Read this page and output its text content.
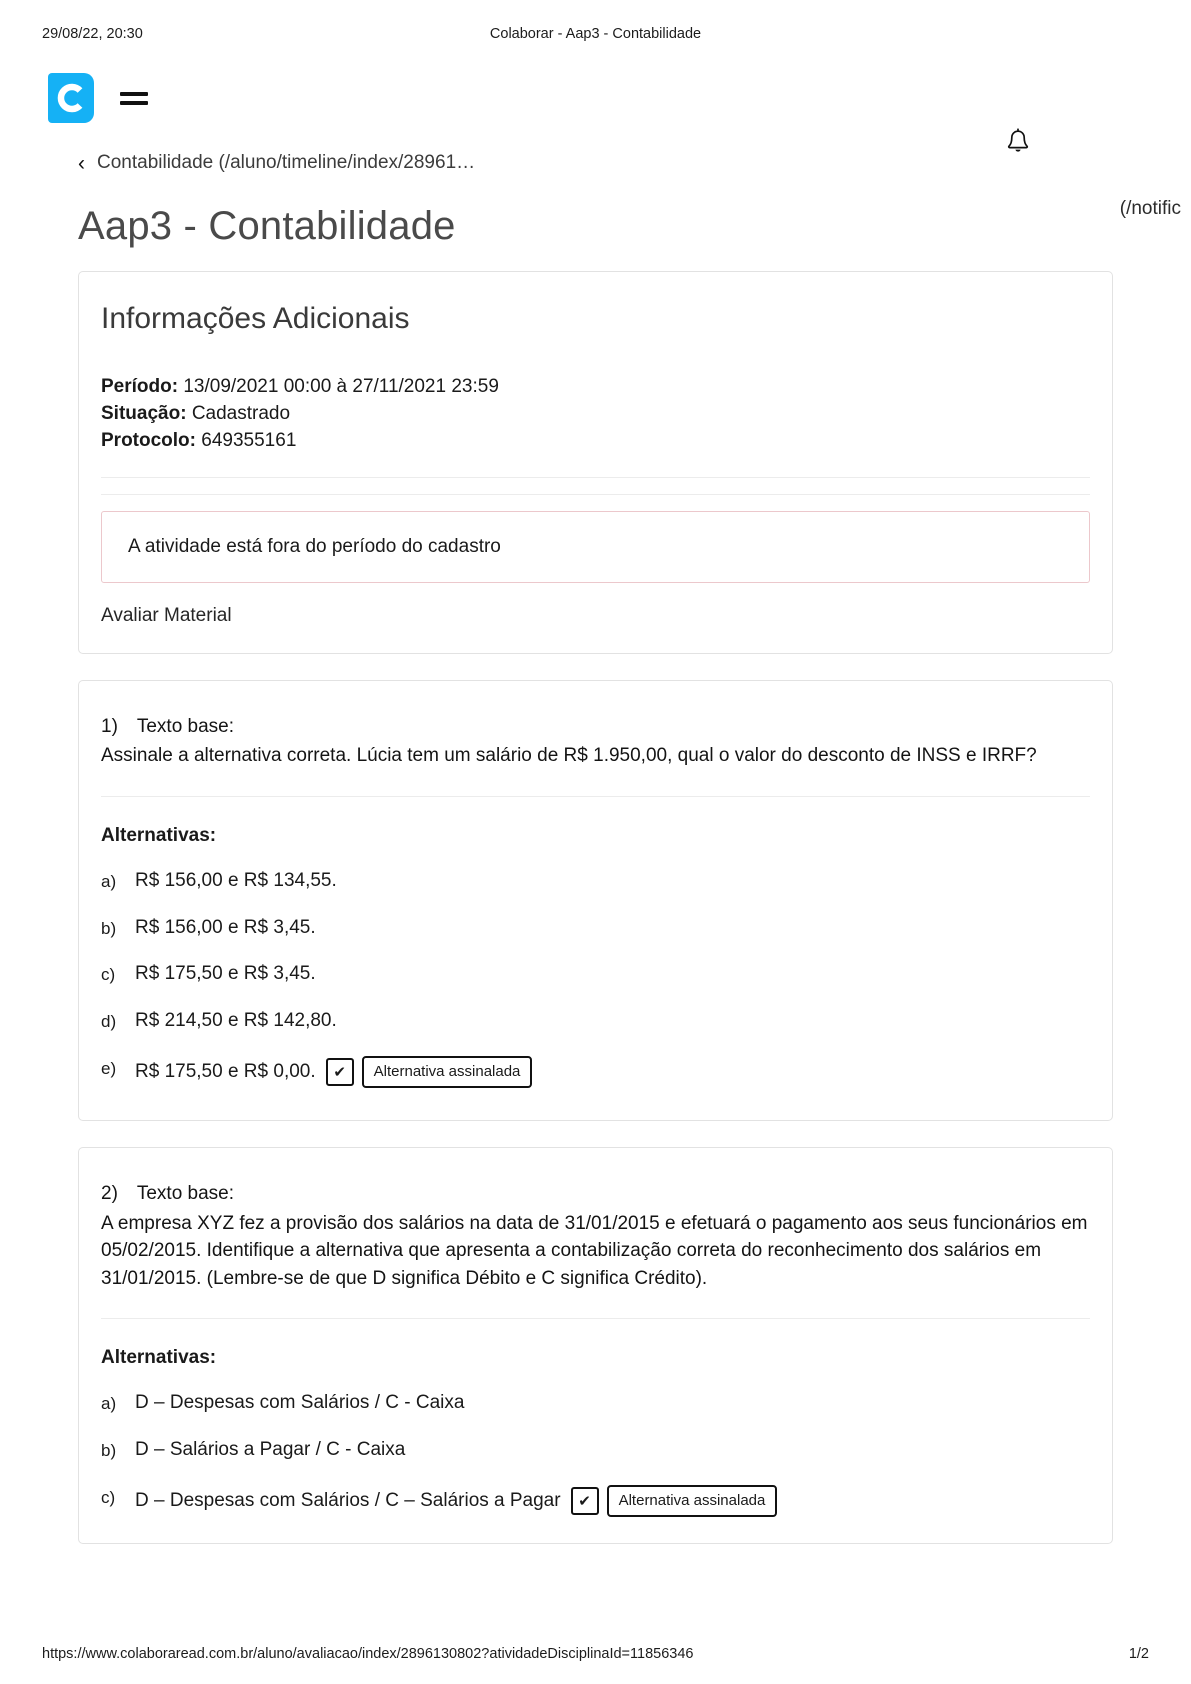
29/08/22, 20:30	Colaborar - Aap3 - Contabilidade
(/notific
‹ Contabilidade (/aluno/timeline/index/28961…
Aap3 - Contabilidade
Informações Adicionais
Período: 13/09/2021 00:00 à 27/11/2021 23:59
Situação: Cadastrado
Protocolo: 649355161
A atividade está fora do período do cadastro
Avaliar Material
1) Texto base:
Assinale a alternativa correta. Lúcia tem um salário de R$ 1.950,00, qual o valor do desconto de INSS e IRRF?
Alternativas:
a) R$ 156,00 e R$ 134,55.
b) R$ 156,00 e R$ 3,45.
c)	R$ 175,50 e R$ 3,45.
d) R$ 214,50 e R$ 142,80.
e) R$ 175,50 e R$ 0,00.	✔	Alternativa assinalada
2) Texto base:
A empresa XYZ fez a provisão dos salários na data de 31/01/2015 e efetuará o pagamento aos seus funcionários em 05/02/2015. Identifique a alternativa que apresenta a contabilização correta do reconhecimento dos salários em 31/01/2015. (Lembre-se de que D significa Débito e C significa Crédito).
Alternativas:
a) D – Despesas com Salários / C - Caixa
b) D – Salários a Pagar / C - Caixa
c)	D – Despesas com Salários / C – Salários a Pagar	✔	Alternativa assinalada
https://www.colaboraread.com.br/aluno/avaliacao/index/2896130802?atividadeDisciplinaId=11856346	1/2
